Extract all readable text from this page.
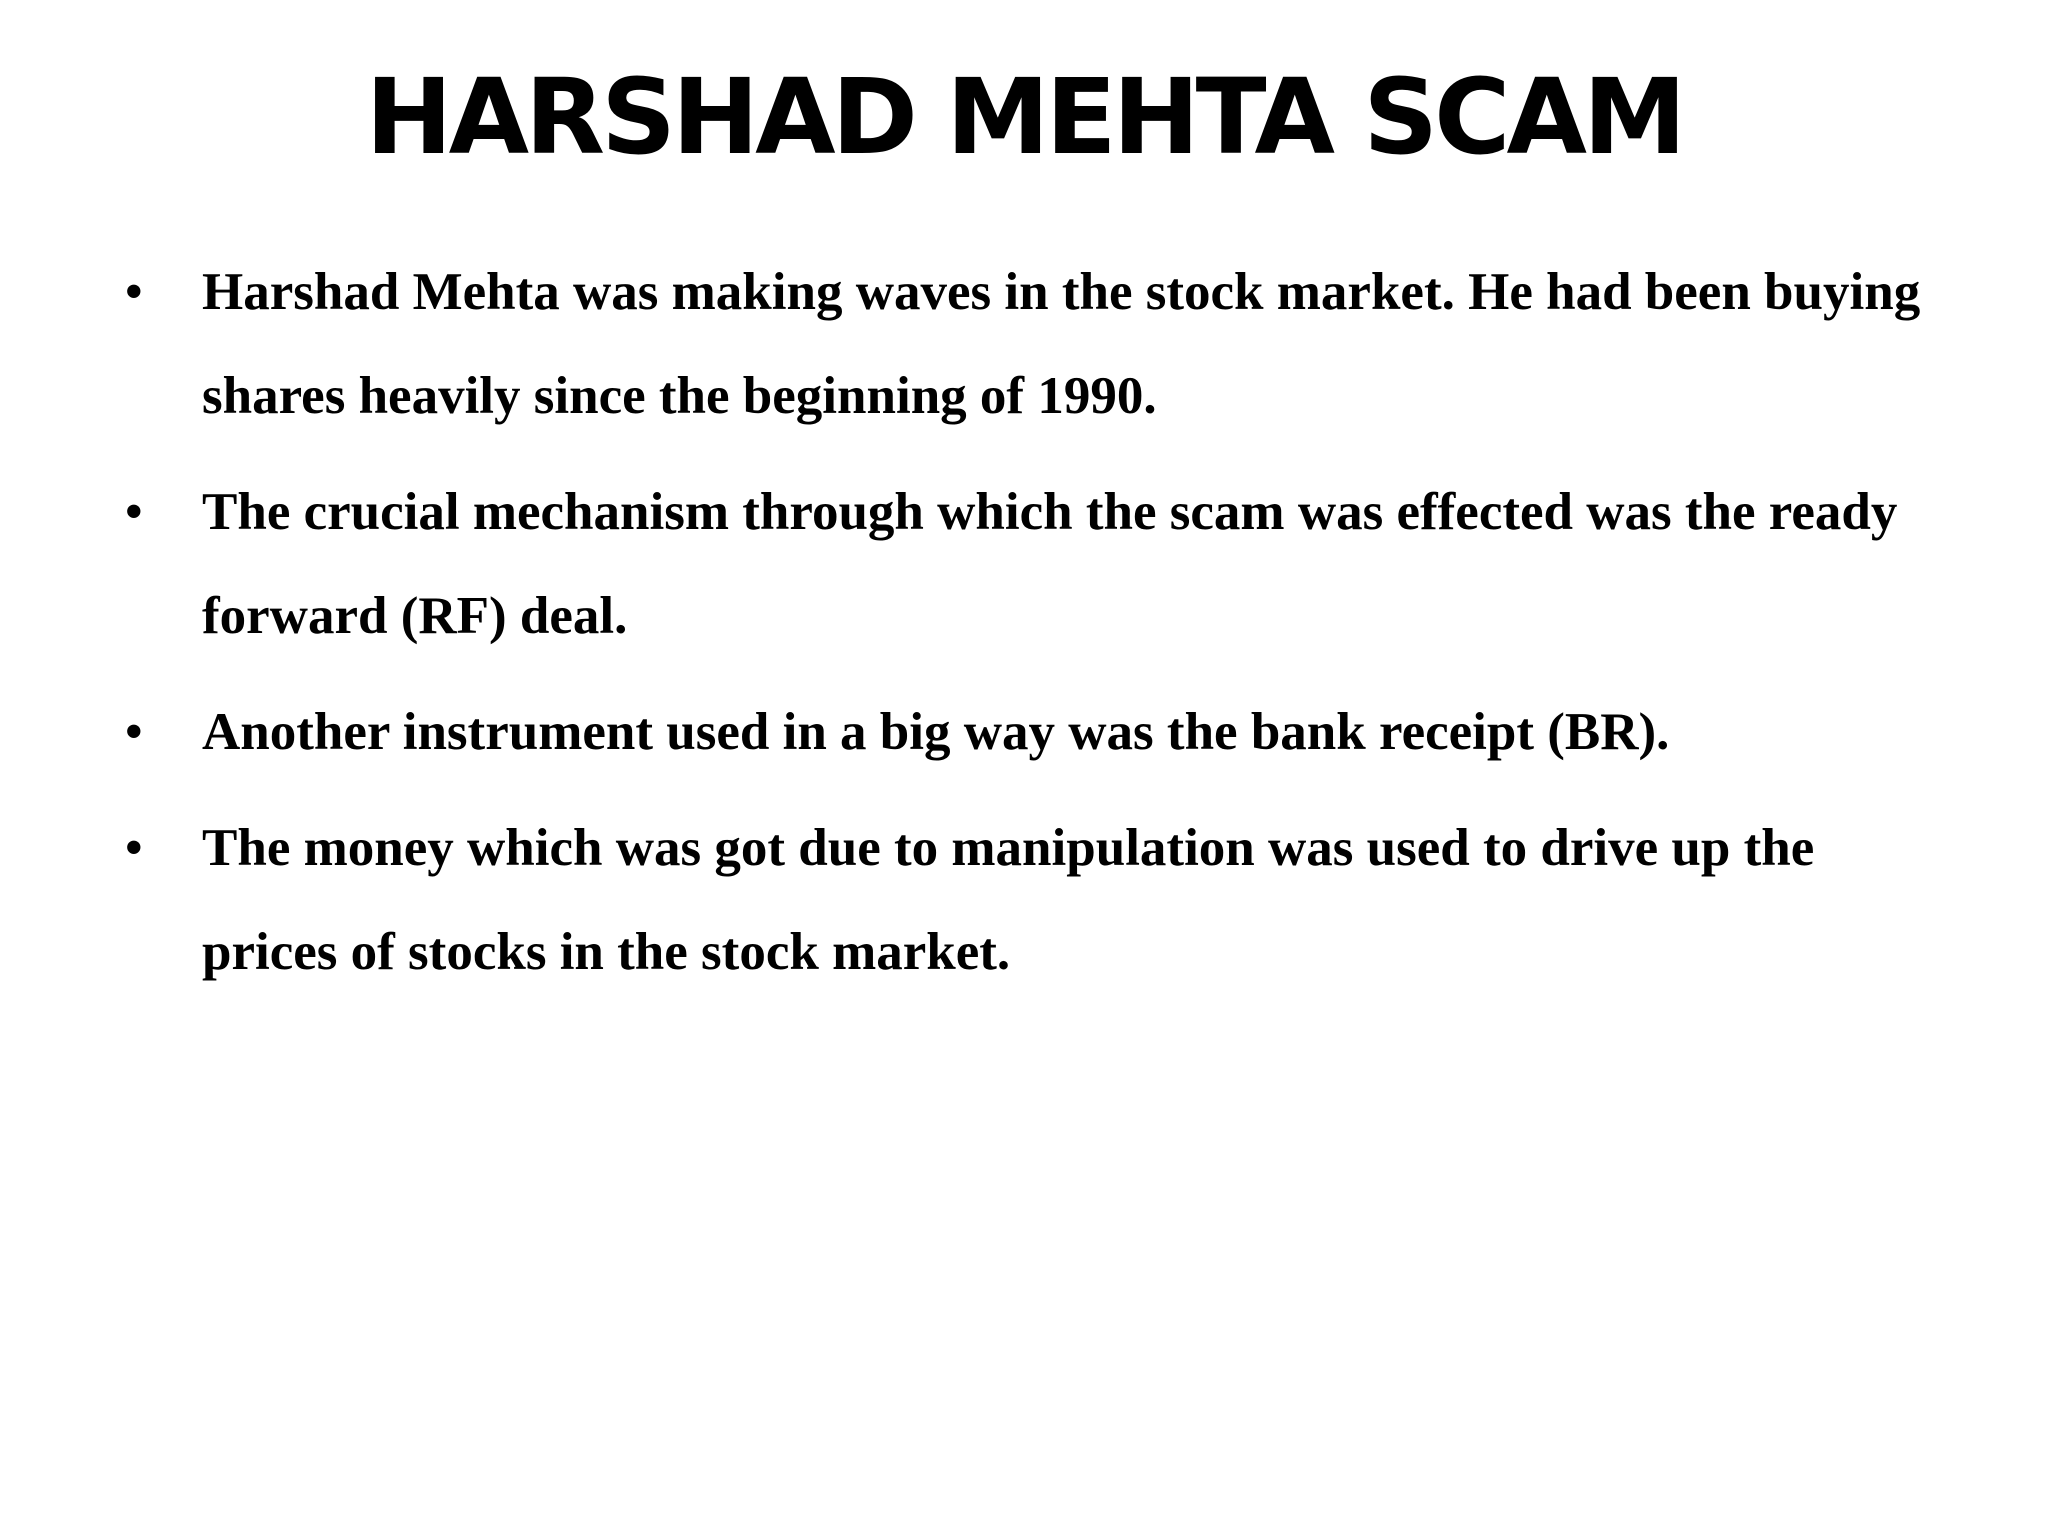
HARSHAD MEHTA SCAM
• Harshad Mehta was making waves in the stock market. He had been buying shares heavily since the beginning of 1990.
• The crucial mechanism through which the scam was effected was the ready forward (RF) deal.
• Another instrument used in a big way was the bank receipt (BR).
• The money which was got due to manipulation was used to drive up the prices of stocks in the stock market.
